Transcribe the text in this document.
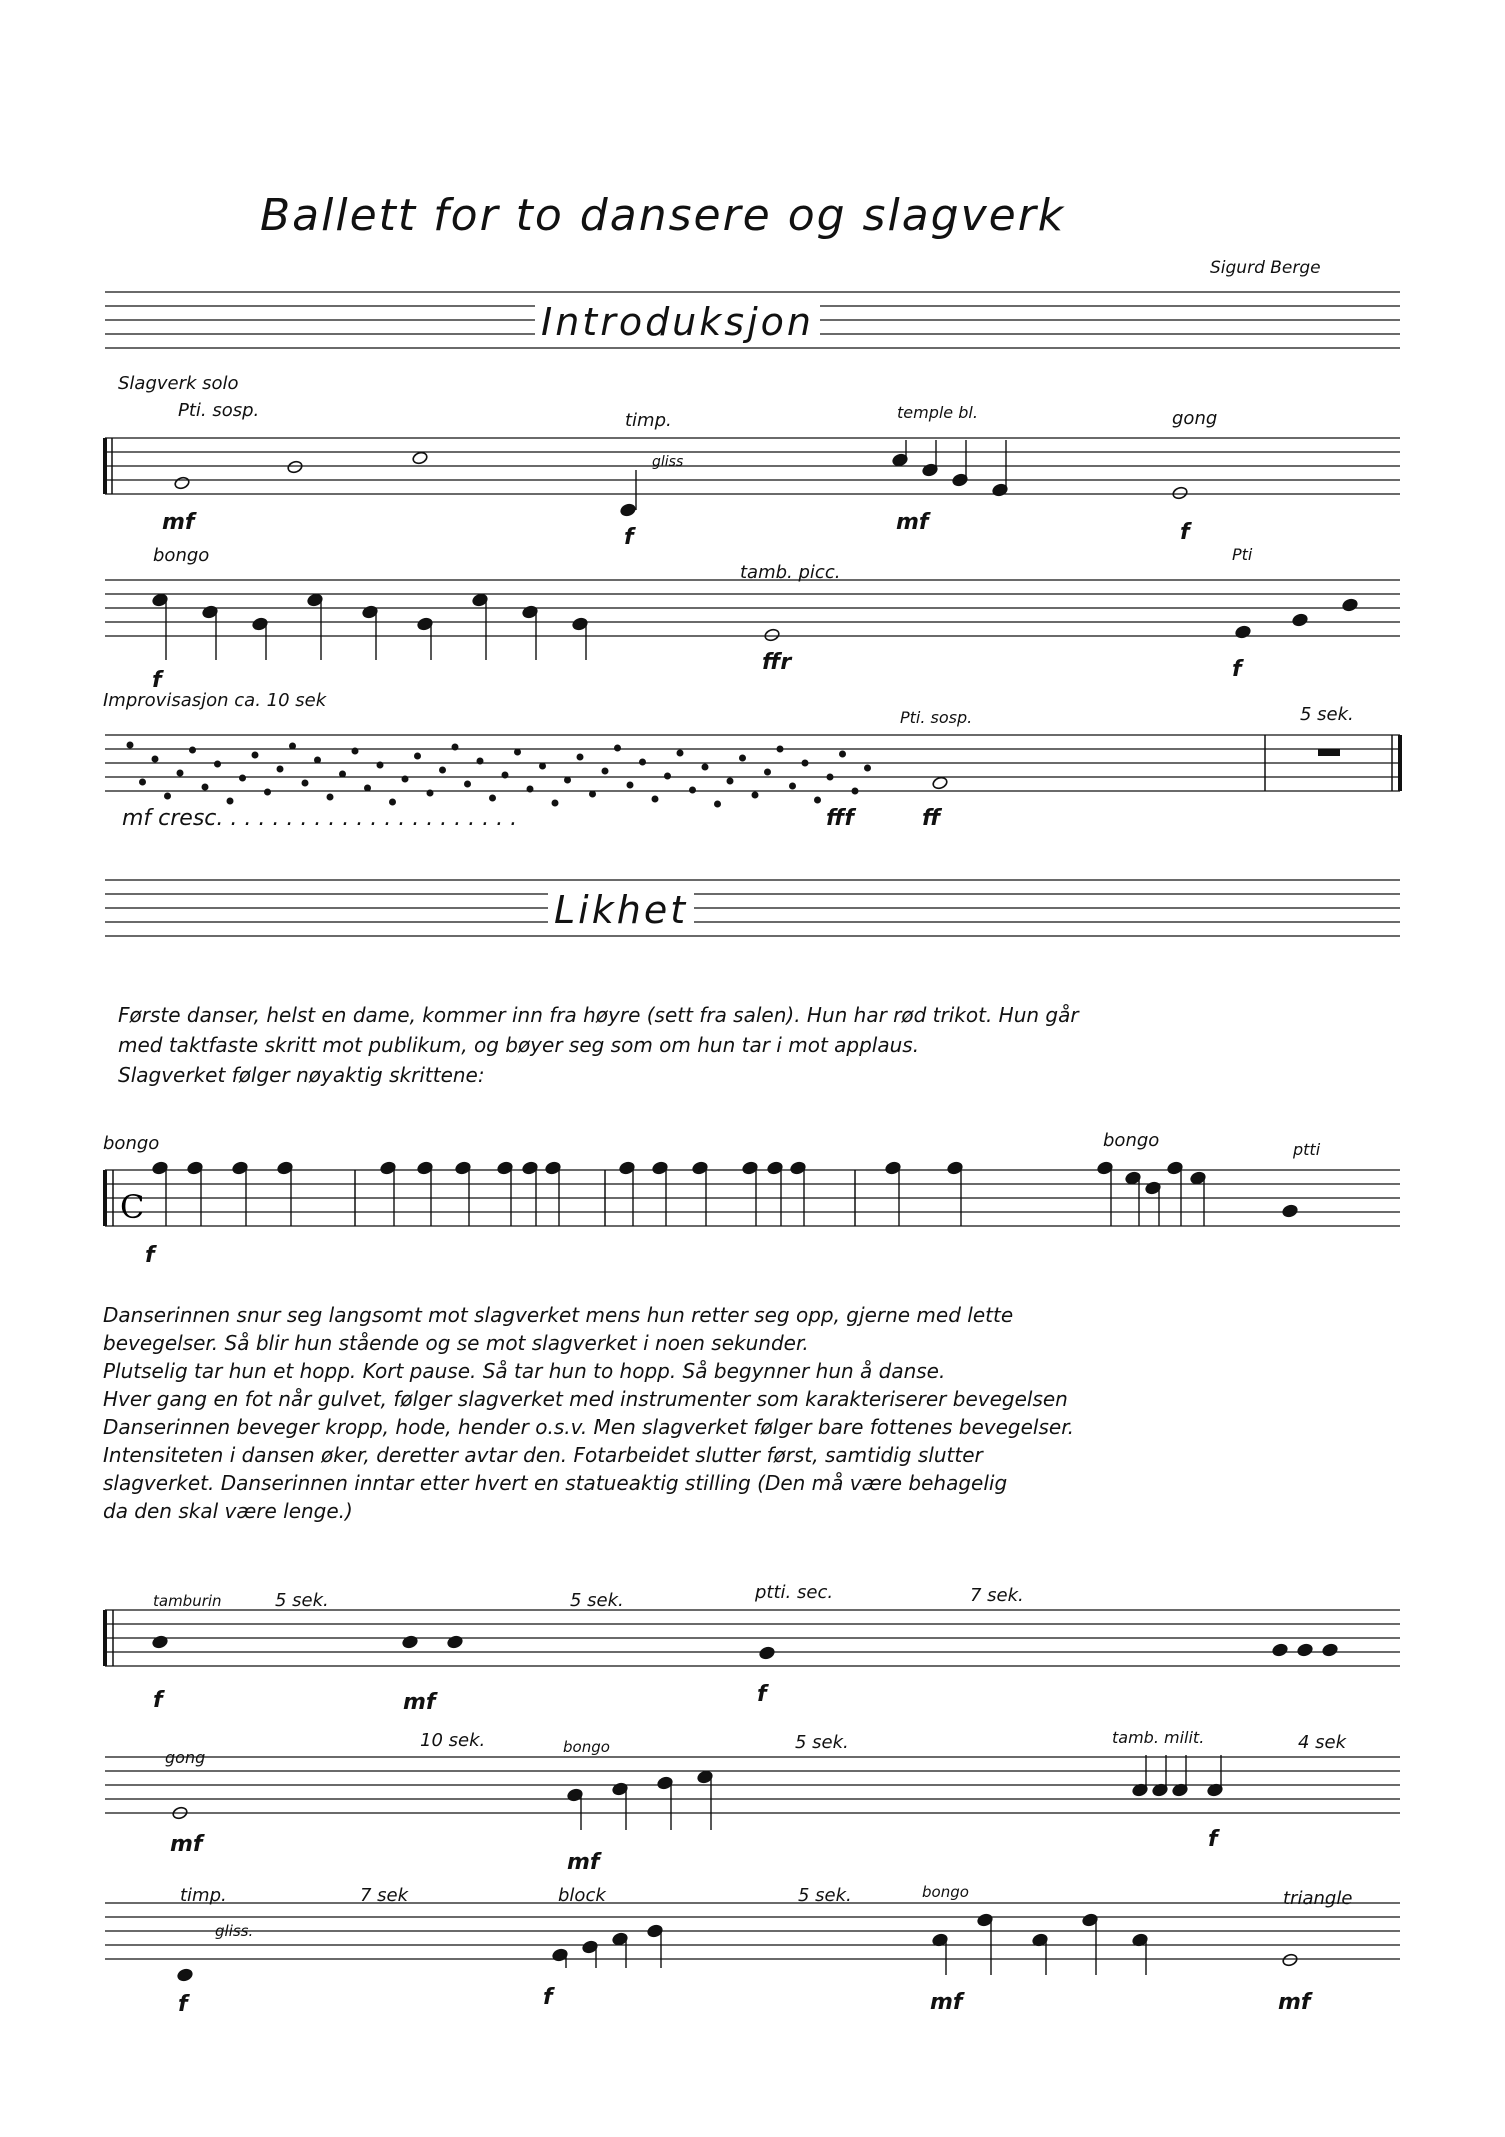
C
Ballett for to dansere og slagverk
Sigurd Berge
Introduksjon
Likhet
Slagverk solo
Pti. sosp.	timp.
gliss
temple bl.	gong
mf
f
mf	f
bongo
tamb. picc.
Pti
f
ffr	f
Improvisasjon ca. 10 sek
Pti. sosp.	5 sek.
mf cresc. . . . . . . . . . . . . . . . . . . . . .	fff	ff
Første danser, helst en dame, kommer inn fra høyre (sett fra salen). Hun har rød trikot. Hun går
med taktfaste skritt mot publikum, og bøyer seg som om hun tar i mot applaus.
Slagverket følger nøyaktig skrittene:
bongo	bongo	ptti
f
Danserinnen snur seg langsomt mot slagverket mens hun retter seg opp, gjerne med lette
bevegelser. Så blir hun stående og se mot slagverket i noen sekunder.
Plutselig tar hun et hopp. Kort pause. Så tar hun to hopp. Så begynner hun å danse.
Hver gang en fot når gulvet, følger slagverket med instrumenter som karakteriserer bevegelsen
Danserinnen beveger kropp, hode, hender o.s.v. Men slagverket følger bare fottenes bevegelser.
Intensiteten i dansen øker, deretter avtar den. Fotarbeidet slutter først, samtidig slutter
slagverket. Danserinnen inntar etter hvert en statueaktig stilling (Den må være behagelig
da den skal være lenge.)
tamburin	5 sek.	5 sek.	ptti. sec.	7 sek.
f	mf	f
gong
10 sek.	bongo	5 sek.	tamb. milit.	4 sek
mf
mf
f
timp.
gliss.
7 sek	block	5 sek.	bongo	triangle
f	f	mf	mf
